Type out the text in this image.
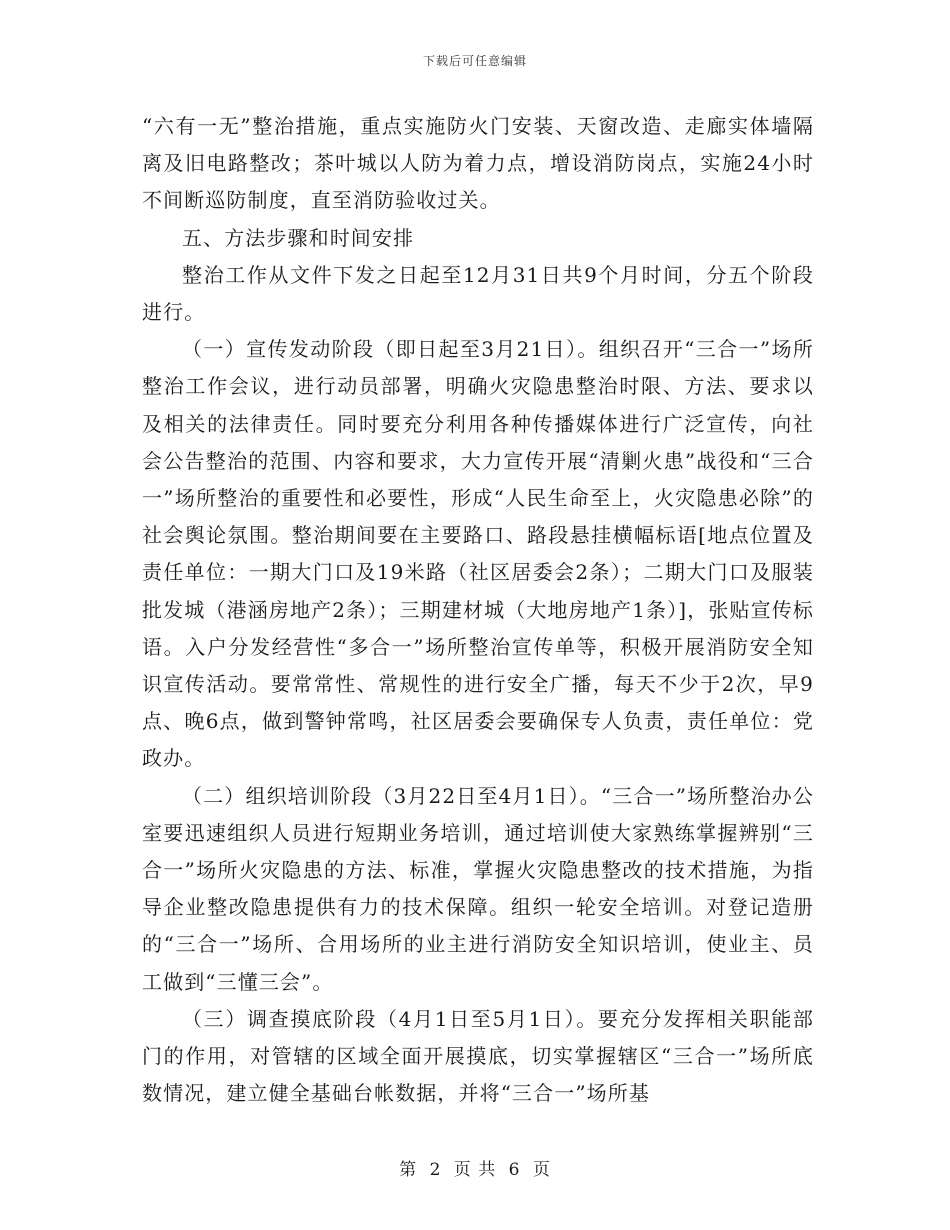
下载后可任意编辑

“六有一无”整治措施，重点实施防火门安装、天窗改造、走廊实体墙隔离及旧电路整改；茶叶城以人防为着力点，增设消防岗点，实施24小时不间断巡防制度，直至消防验收过关。

五、方法步骤和时间安排

整治工作从文件下发之日起至12月31日共9个月时间，分五个阶段进行。

（一）宣传发动阶段（即日起至3月21日）。组织召开“三合一”场所整治工作会议，进行动员部署，明确火灾隐患整治时限、方法、要求以及相关的法律责任。同时要充分利用各种传播媒体进行广泛宣传，向社会公告整治的范围、内容和要求，大力宣传开展“清剿火患”战役和“三合一”场所整治的重要性和必要性，形成“人民生命至上，火灾隐患必除”的社会舆论氛围。整治期间要在主要路口、路段悬挂横幅标语[地点位置及责任单位：一期大门口及19米路（社区居委会2条）；二期大门口及服装批发城（港涵房地产2条）；三期建材城（大地房地产1条）]，张贴宣传标语。入户分发经营性“多合一”场所整治宣传单等，积极开展消防安全知识宣传活动。要常常性、常规性的进行安全广播，每天不少于2次，早9点、晚6点，做到警钟常鸣，社区居委会要确保专人负责，责任单位：党政办。

（二）组织培训阶段（3月22日至4月1日）。“三合一”场所整治办公室要迅速组织人员进行短期业务培训，通过培训使大家熟练掌握辨别“三合一”场所火灾隐患的方法、标准，掌握火灾隐患整改的技术措施，为指导企业整改隐患提供有力的技术保障。组织一轮安全培训。对登记造册的“三合一”场所、合用场所的业主进行消防安全知识培训，使业主、员工做到“三懂三会”。

（三）调查摸底阶段（4月1日至5月1日）。要充分发挥相关职能部门的作用，对管辖的区域全面开展摸底，切实掌握辖区“三合一”场所底数情况，建立健全基础台帐数据，并将“三合一”场所基

第 2 页 共 6 页
